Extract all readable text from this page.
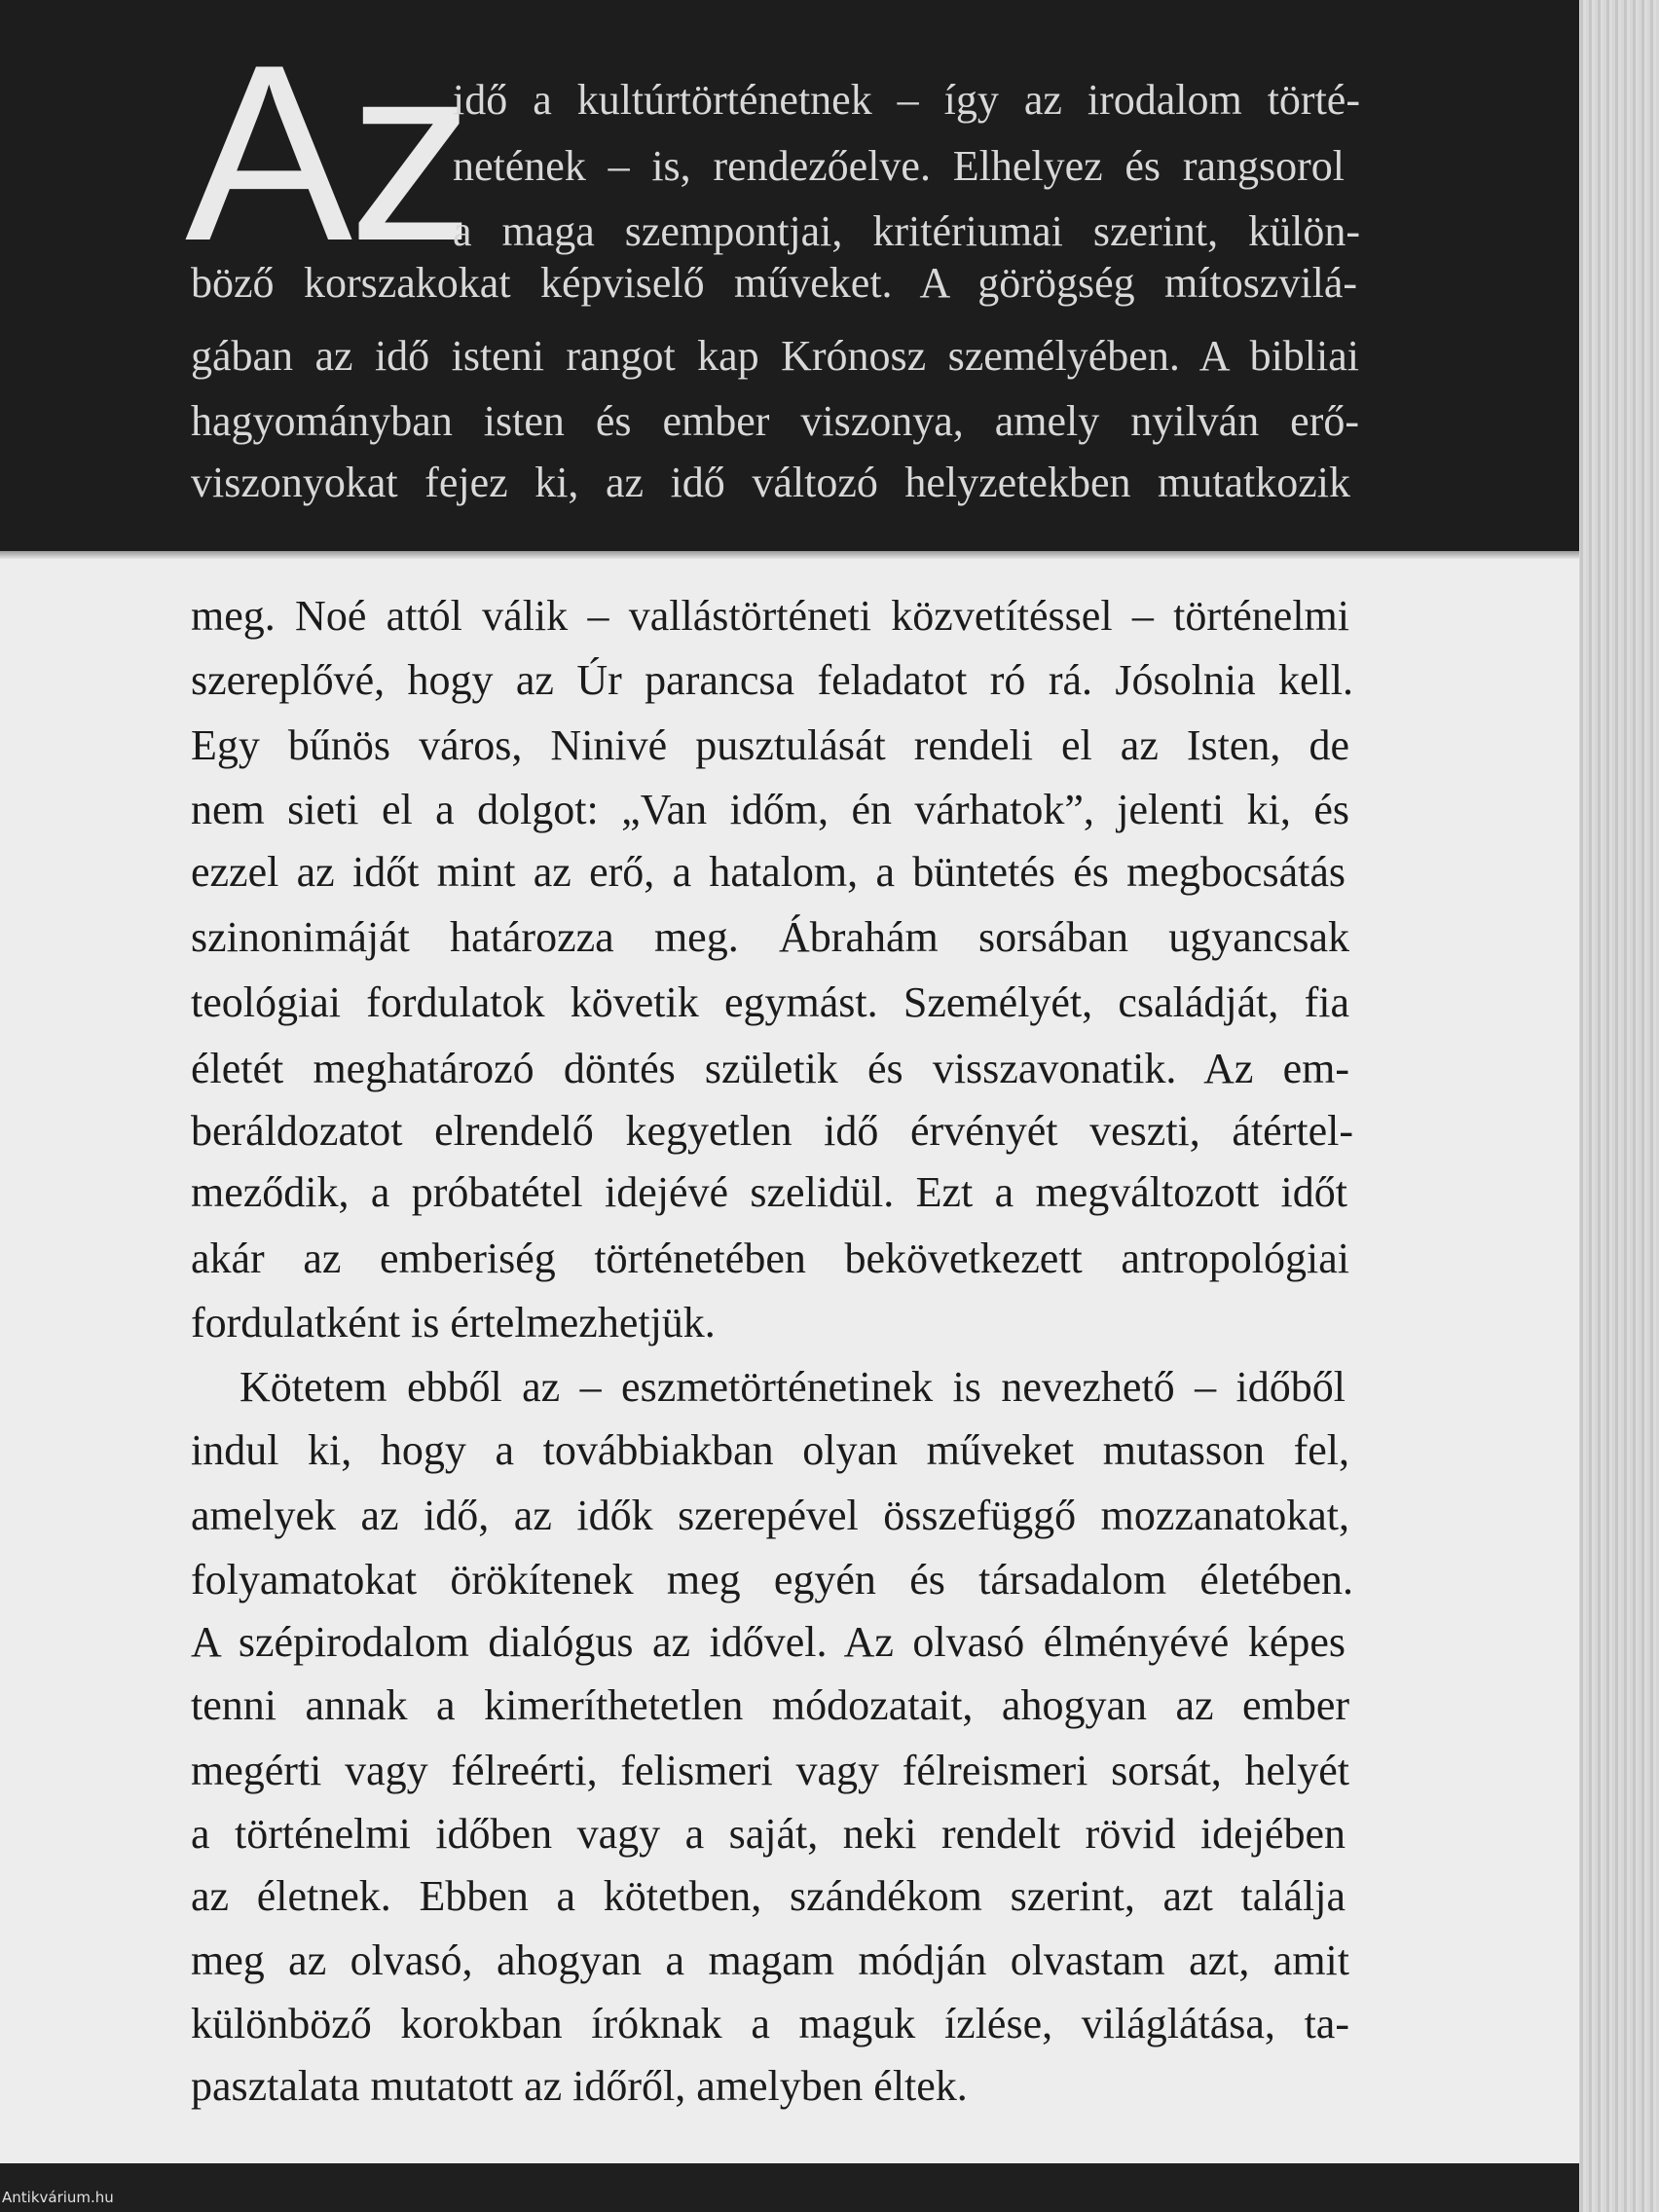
Az
idő a kultúrtörténetnek – így az irodalom törté-
netének – is, rendezőelve. Elhelyez és rangsorol
a maga szempontjai, kritériumai szerint, külön-
böző korszakokat képviselő műveket. A görögség mítoszvilá-
gában az idő isteni rangot kap Krónosz személyében. A bibliai
hagyományban isten és ember viszonya, amely nyilván erő-
viszonyokat fejez ki, az idő változó helyzetekben mutatkozik
meg. Noé attól válik – vallástörténeti közvetítéssel – történelmi
szereplővé, hogy az Úr parancsa feladatot ró rá. Jósolnia kell.
Egy bűnös város, Ninivé pusztulását rendeli el az Isten, de
nem sieti el a dolgot: „Van időm, én várhatok”, jelenti ki, és
ezzel az időt mint az erő, a hatalom, a büntetés és megbocsátás
szinonimáját határozza meg. Ábrahám sorsában ugyancsak
teológiai fordulatok követik egymást. Személyét, családját, fia
életét meghatározó döntés születik és visszavonatik. Az em-
beráldozatot elrendelő kegyetlen idő érvényét veszti, átértel-
meződik, a próbatétel idejévé szelidül. Ezt a megváltozott időt
akár az emberiség történetében bekövetkezett antropológiai
fordulatként is értelmezhetjük.
Kötetem ebből az – eszmetörténetinek is nevezhető – időből
indul ki, hogy a továbbiakban olyan műveket mutasson fel,
amelyek az idő, az idők szerepével összefüggő mozzanatokat,
folyamatokat örökítenek meg egyén és társadalom életében.
A szépirodalom dialógus az idővel. Az olvasó élményévé képes
tenni annak a kimeríthetetlen módozatait, ahogyan az ember
megérti vagy félreérti, felismeri vagy félreismeri sorsát, helyét
a történelmi időben vagy a saját, neki rendelt rövid idejében
az életnek. Ebben a kötetben, szándékom szerint, azt találja
meg az olvasó, ahogyan a magam módján olvastam azt, amit
különböző korokban íróknak a maguk ízlése, világlátása, ta-
pasztalata mutatott az időről, amelyben éltek.
Antikvárium.hu
